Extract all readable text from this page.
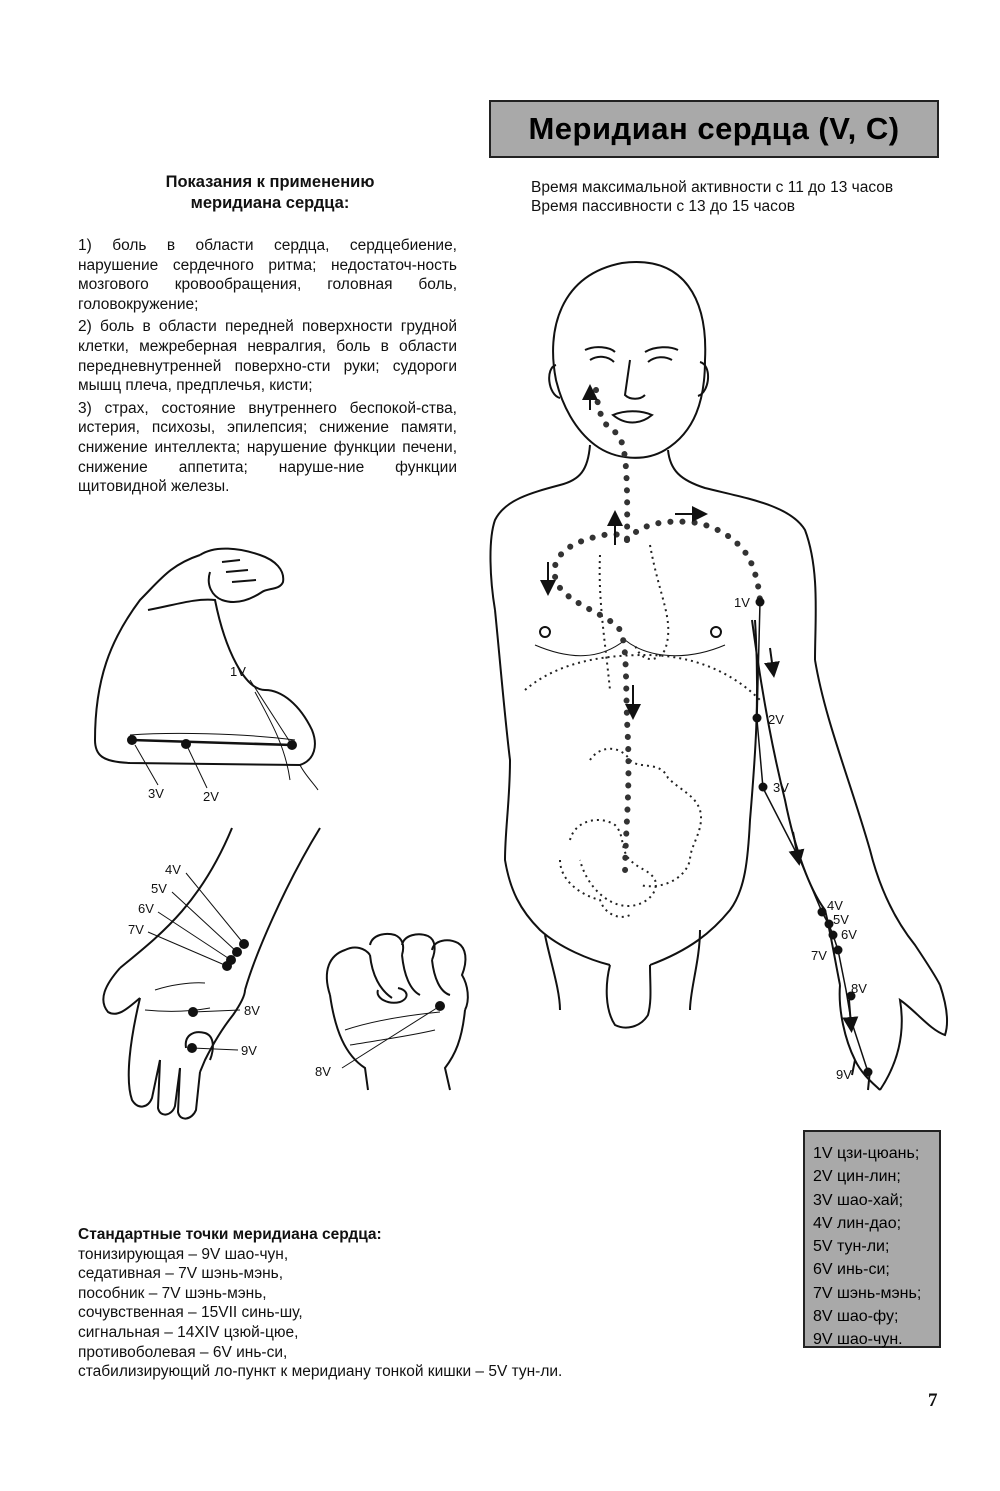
Меридиан сердца (V, C)
Время максимальной активности с 11 до 13 часов
Время пассивности с 13 до 15 часов
Показания к применению
меридиана сердца:

1) боль в области сердца, сердцебиение, нарушение сердечного ритма; недостаточ-ность мозгового кровообращения, головная боль, головокружение;

2) боль в области передней поверхности грудной клетки, межреберная невралгия, боль в области передневнутренней поверхно-сти руки; судороги мышц плеча, предплечья, кисти;

3) страх, состояние внутреннего беспокой-ства, истерия, психозы, эпилепсия; снижение памяти, снижение интеллекта; нарушение функции печени, снижение аппетита; наруше-ние функции щитовидной железы.

1V
3V	2V
4V
5V
6V
7V
8V
9V
8V
1V
2V
3V
4V
5V
6V
7V
8V
9V
Стандартные точки меридиана сердца:
тонизирующая – 9V шао-чун,
седативная – 7V шэнь-мэнь,
пособник – 7V шэнь-мэнь,
сочувственная – 15VII синь-шу,
сигнальная – 14XIV цзюй-цюе,
противоболевая – 6V инь-си,
стабилизирующий ло-пункт к меридиану тонкой кишки – 5V тун-ли.
1V цзи-цюань;
2V цин-лин;
3V шао-хай;
4V лин-дао;
5V тун-ли;
6V инь-си;
7V шэнь-мэнь;
8V шао-фу;
9V шао-чун.
7
